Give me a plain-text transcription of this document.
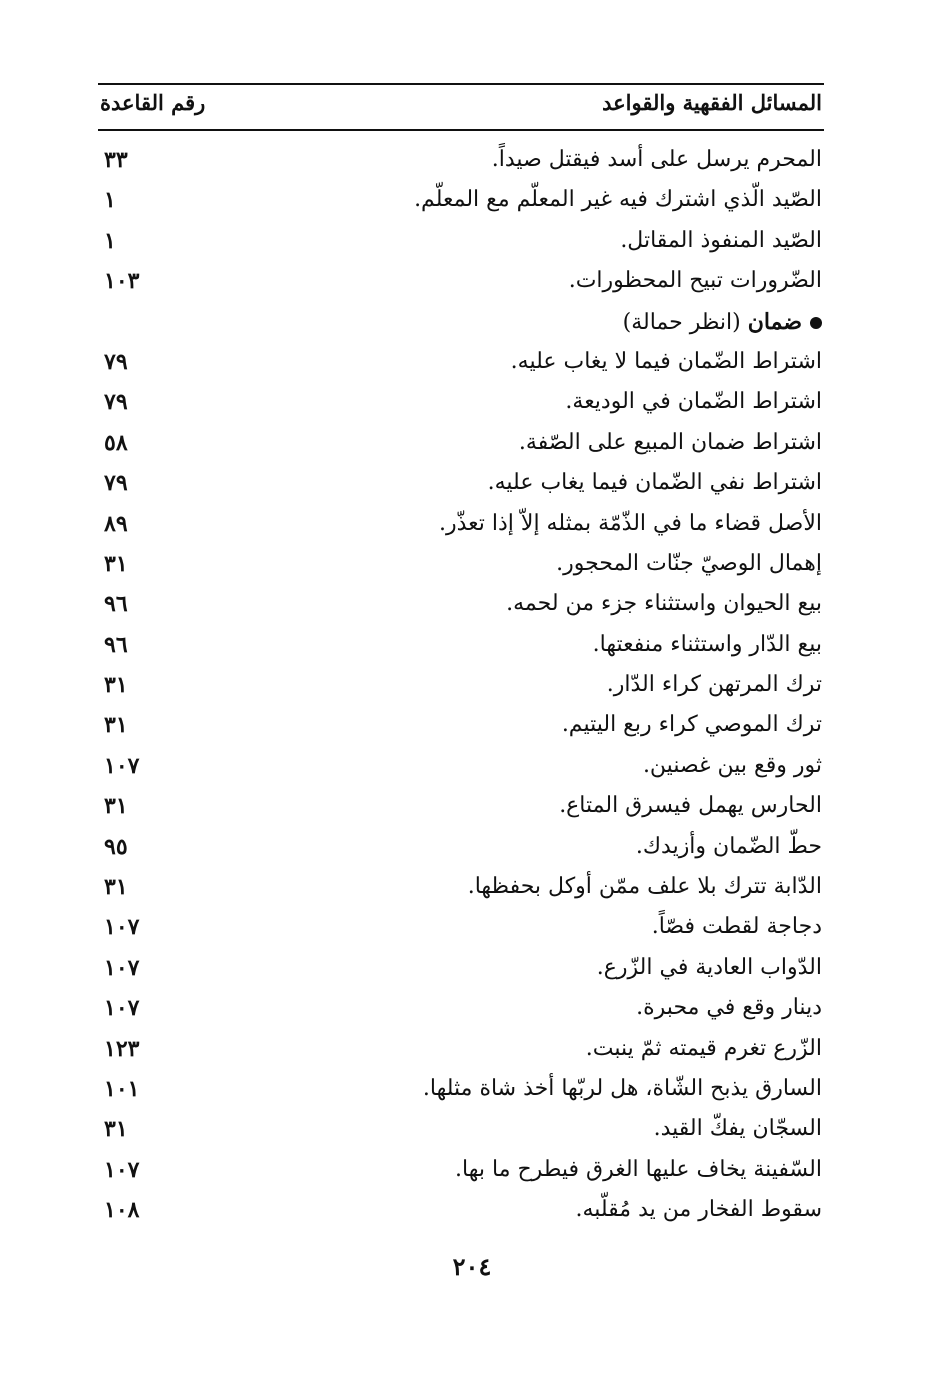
المسائل الفقهية والقواعد
رقم القاعدة
المحرم يرسل على أسد فيقتل صيداً.
٣٣
الصّيد الّذي اشترك فيه غير المعلّم مع المعلّم.
١
الصّيد المنفوذ المقاتل.
١
الضّرورات تبيح المحظورات.
١٠٣
ضمان (انظر حمالة)
اشتراط الضّمان فيما لا يغاب عليه.
٧٩
اشتراط الضّمان في الوديعة.
٧٩
اشتراط ضمان المبيع على الصّفة.
٥٨
اشتراط نفي الضّمان فيما يغاب عليه.
٧٩
الأصل قضاء ما في الذّمّة بمثله إلاّ إذا تعذّر.
٨٩
إهمال الوصيّ جنّات المحجور.
٣١
بيع الحيوان واستثناء جزء من لحمه.
٩٦
بيع الدّار واستثناء منفعتها.
٩٦
ترك المرتهن كراء الدّار.
٣١
ترك الموصي كراء ربع اليتيم.
٣١
ثور وقع بين غصنين.
١٠٧
الحارس يهمل فيسرق المتاع.
٣١
حطّ الضّمان وأزيدك.
٩٥
الدّابة تترك بلا علف ممّن أوكل بحفظها.
٣١
دجاجة لقطت فصّاً.
١٠٧
الدّواب العادية في الزّرع.
١٠٧
دينار وقع في محبرة.
١٠٧
الزّرع تغرم قيمته ثمّ ينبت.
١٢٣
السارق يذبح الشّاة، هل لربّها أخذ شاة مثلها.
١٠١
السجّان يفكّ القيد.
٣١
السّفينة يخاف عليها الغرق فيطرح ما بها.
١٠٧
سقوط الفخار من يد مُقلّبه.
١٠٨
٢٠٤
